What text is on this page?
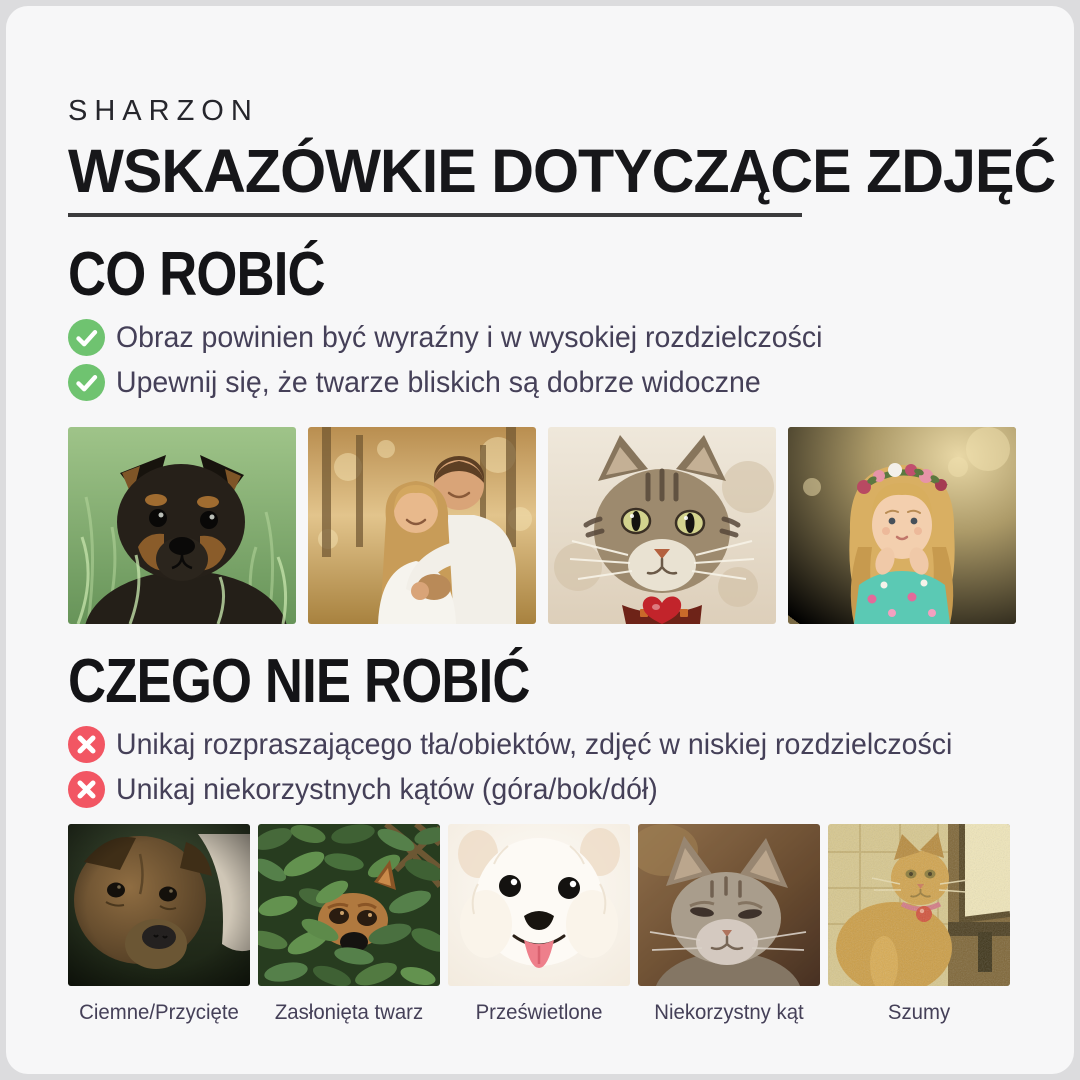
SHARZON
WSKAZÓWKIE DOTYCZĄCE ZDJĘĆ
CO ROBIĆ
Obraz powinien być wyraźny i w wysokiej rozdzielczości
Upewnij się, że twarze bliskich są dobrze widoczne
CZEGO NIE ROBIĆ
Unikaj rozpraszającego tła/obiektów, zdjęć w niskiej rozdzielczości
Unikaj niekorzystnych kątów (góra/bok/dół)
Ciemne/Przycięte	Zasłonięta twarz	Prześwietlone	Niekorzystny kąt	Szumy
